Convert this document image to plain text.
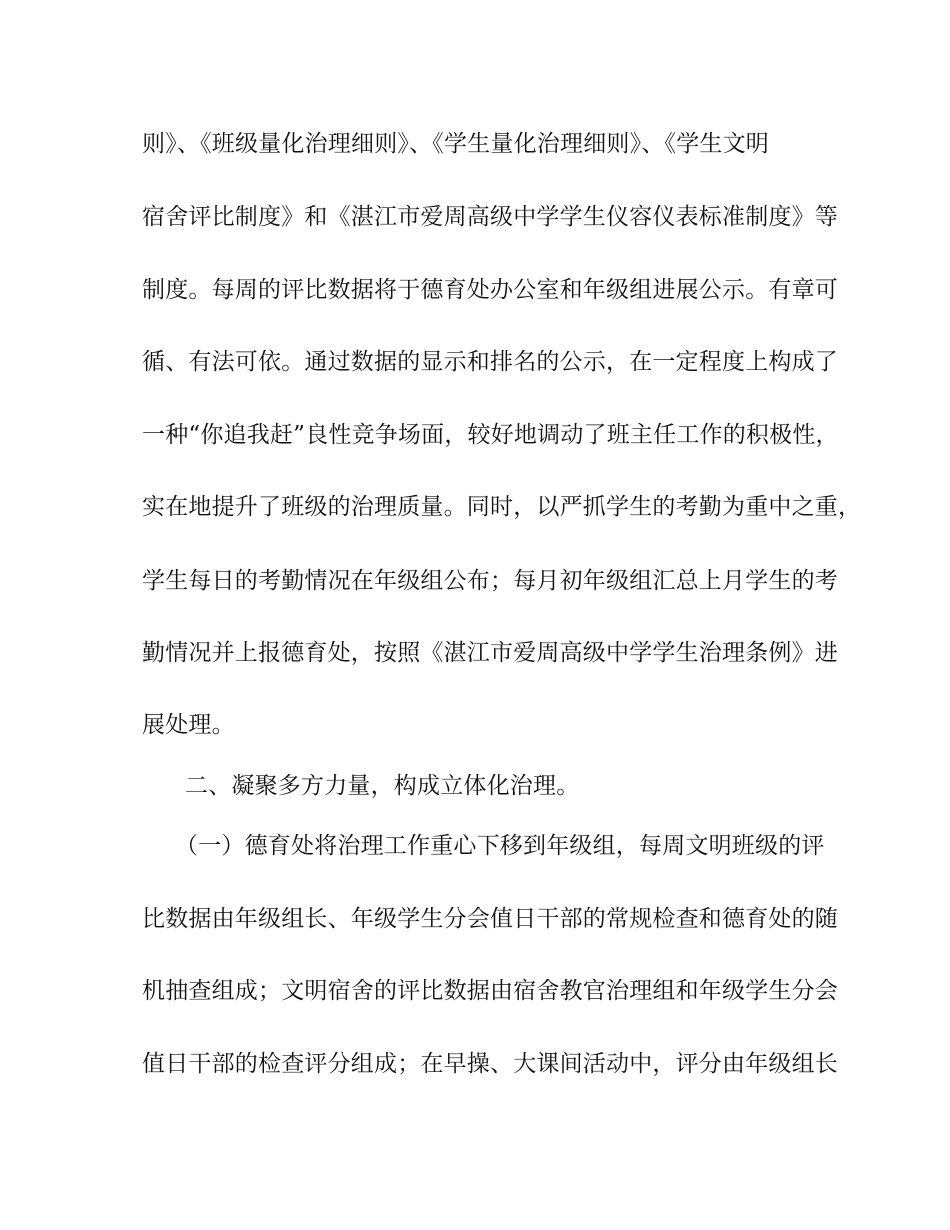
则》、《班级量化治理细则》、《学生量化治理细则》、《学生文明
宿舍评比制度》和《湛江市爱周高级中学学生仪容仪表标准制度》等
制度。每周的评比数据将于德育处办公室和年级组进展公示。有章可
循、有法可依。通过数据的显示和排名的公示，在一定程度上构成了
一种“你追我赶”良性竞争场面，较好地调动了班主任工作的积极性，
实在地提升了班级的治理质量。同时，以严抓学生的考勤为重中之重，
学生每日的考勤情况在年级组公布；每月初年级组汇总上月学生的考
勤情况并上报德育处，按照《湛江市爱周高级中学学生治理条例》进
展处理。
二、凝聚多方力量，构成立体化治理。
（一）德育处将治理工作重心下移到年级组，每周文明班级的评
比数据由年级组长、年级学生分会值日干部的常规检查和德育处的随
机抽查组成；文明宿舍的评比数据由宿舍教官治理组和年级学生分会
值日干部的检查评分组成；在早操、大课间活动中，评分由年级组长
